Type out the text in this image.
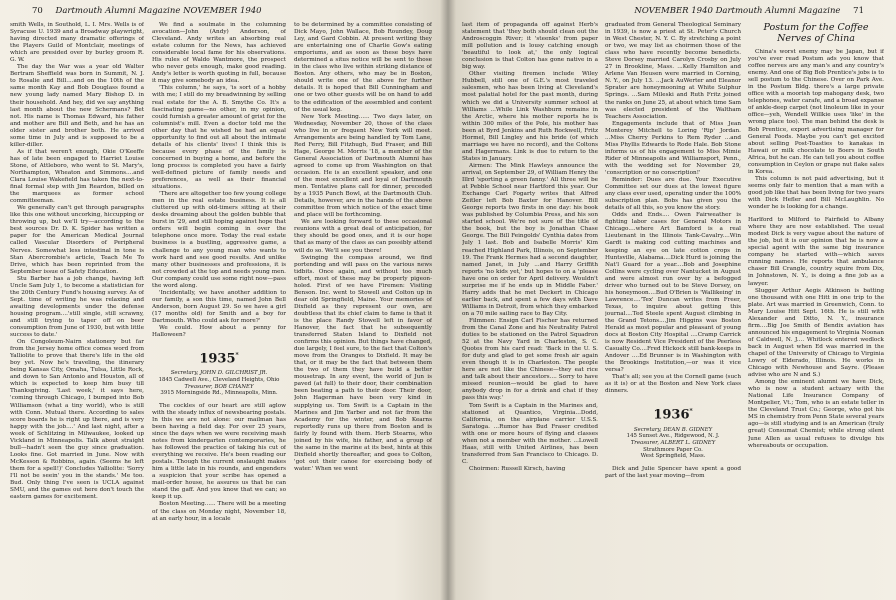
70 Dartmouth Alumni Magazine NOVEMBER 1940

smith Wells, in Southold, L. I. Mrs. Wells is of Syracuse U. 1939 and a Broadway playwright, having directed many dramatic offerings of the Players Guild of Montclair, meetings of which are presided over by burley groom R. G. W.

The day the War was a year old Walter Bertram Sheffield was born in Summit, N. J. to Rosalie and Bill....and on the 10th of the same month Kay and Bob Douglass found a new young lady named Mary Bishop D. in their household. And hey, did we say anything last month about the new Schermans? Bet not. His name is Thomas Edward, his father and mother are Bill and Beth, and he has an older sister and brother both. He arrived some time in July and is supposed to be a killer-diller.

As if that weren't enough, Okie O'Keeffe has of late been engaged to Harriet Louise Stone, of Attleboro, who went to St. Mary's, Northampton, Wheaton and Simmons....and Clara Louise Wakefield has taken the next-to-final formal step with Jim Reardon, billed on the marquees as former school committeeman.

We generally can't get through paragraphs like this one without uncorking, hiccupping or throwing up, but we'll try—according to the best sources Dr. D. K. Spider has written a paper for the American Medical Journal called Vascular Disorders of Peripheral Nerves. Somewhat less intestinal in tone is Stan Abercrombie's article, Teach Me To Drive, which has been reprinted from the September issue of Safety Education.

Stu Barber has a job change, having left Uncle Sam July 1, to become a statistician for the 20th Century Fund's housing survey. As of Sept. time of writing he was relaxing and awaiting developments under the defense housing program....'still single, still scrawny, and still trying to taper off on beer consumption from June of 1930, but with little success to date.'

On Congoleum-Nairn stationery but far from the Jersey home office comes word from Yalliolite to prove that there's life in the old boy yet. Now he's traveling, the itinerary being Kansas City, Omaha, Tulsa, Little Rock, and down to San Antonio and Houston, all of which is expected to keep him busy till Thanksgiving. 'Last week,' it says here, 'coming through Chicago, I bumped into Bob Williamson (what a tiny world), who is still with Conn. Mutual there. According to sales score boards he is right up there, and is very happy with the job....' And last night, after a week of Schlitzing in Milwaukee, looked up Vickland in Minneapolis. Talk about straight bull—hadn't seen the guy since graduation. Looks fine. Got married in June. Now with McKesson & Robbins, again. (Seems he left them for a spell!)' Concludes Yalliolite: 'Sorry I'll not be seein' you in the stands.' Me too. Bud. Only thing I've seen is UCLA against SMU, and the games out here don't touch the eastern games for excitement.

We find a soulmate in the columning avocation—John (Andy) Anderson, of Cleveland. Andy writes an absorbing real estate column for the News, has achieved considerable local fame for his observations. His rules of Waldo Wantmore, the prospect who never gets enough, make good reading. Andy's letter is worth quoting in full, because it may give somebody an idea.

'This column,' he says, 'is sort of a hobby with me; I still do my breadwinning by selling real estate for the A. B. Smythe Co. It's a fascinating game—no other, in my opinion, could furnish a greater amount of grist for the columnist's mill. Even a doctor told me the other day that he wished he had an equal opportunity to find out all about the intimate details of his clients' lives! I think this is because every phase of the family is concerned in buying a home, and before the long process is completed you have a fairly well-defined picture of family needs and preferences, as well as their financial situations.

'There are altogether too few young college men in the real estate business. It is all cluttered up with old-timers sitting at their desks dreaming about the golden bubble that burst in '29, and still hoping against hope that orders will begin coming in over the telephone once more. Today the real estate business is a bustling, aggressive game, a challenge to any young man who wants to work hard and see good results. And unlike many other businesses and professions, it is not crowded at the top and needs young men. Our company could use some right now—pass the word along.

'Incidentally, we have another addition to our family, a son this time, named John Bell Anderson, born August 29. So we have a girl (17 months old) for Smith and a boy for Dartmouth. Who could ask for more?'

We could. How about a penny for Halloween?

1935*

Secretary, JOHN D. GILCHRIST JR.

1845 Cadwell Ave., Cleveland Heights, Ohio

Treasurer, BOB CHANEY

3915 Morningside Rd., Minneapolis, Minn.

The cockles of our heart are still aglow with the steady influx of newsbearing postals. In this we are not alone: our mailman has been having a field day. For over 25 years, since the days when we were receiving mash notes from kindergarten contemporaries, he has followed the practice of taking his cut of everything we receive. He's been reading our postals. Though the current onslaught makes him a little late in his rounds, and engenders a suspicion that your scribe has opened a mail-order house, he assures us that he can stand the gaff. And you know that we can; so keep it up.

Boston Meeting...... There will be a meeting of the class on Monday night, November 18, at an early hour, in a locale

to be determined by a committee consisting of Dick Mayo, John Wallace, Bob Roundey, Doug Ley, and Gard Cobbin. At present writing they are entertaining one of Charlie Gow's eating emporiums, and as soon as these boys have determined a situs notice will be sent to those in the class who live within striking distance of Boston. Any others, who may be in Boston, should write one of the above for further details. It is hoped that Bill Cunningham and one or two other guests will be on hand to add to the edification of the assembled and content of the usual keg.

New York Meeting...... Two days later, on Wednesday, November 20, those of the class who live in or frequent New York will meet. Arrangements are being handled by Tom Lane, Red Ferry, Bill Fitzhugh, Bud Fraser, and Bill Hage, George M. Morris '18, a member of the General Association of Dartmouth Alumni has agreed to come up from Washington on that occasion. He is an excellent speaker, and one of the most excellent and loyal of Dartmouth men. Tentative plans call for dinner, preceded by a 1935 Punch Bowl, at the Dartmouth Club. Details, however, are in the hands of the above committee from which notice of the exact time and place will be forthcoming.

We are looking forward to these occasional reunions with a great deal of anticipation, for they should be good ones, and it is our hope that as many of the class as can possibly attend will do so. We'll see you there!

Swinging the compass around, we find portending and will pass on the various news tidbits. Once again, and without too much effort, most of these may be properly pigeon-holed. First of we have Firemen: Visiting Benson. Inc. went to Stowell and Colton up in dear old Springfield, Maine. Your memories of Dixfield as they represent our own, are doubtless that its chief claim to fame is that it is the place Randy Stowell left in favor of Hanover, the fact that he subsequently transferred Staten Island to Dixfield not confirms this opinion. But things have changed, due largely, I feel sure, to the fact that Colton's move from the Oranges to Dixfield. It may be that, or it may be the fact that between them the two of them they have build a better mousetrap. In any event, the world of Jun is paved (at full) to their door, their combination been beating a path to their door. Their door, John Hagerman have been very kind in supplying us. Tom Swift is a Captain in the Marines and Jim Yarber and not far from the Academy for the winter, and Bob Kearns reportedly runs up there from Boston and is fairly ly found with them. Herb Stearns, who joined by his wife, his father, and a group of the same in the marine at its best, hints at this Dixfield shortly thereafter, and goes to Colton, 'got out their canoe for exercising body of water.' When we went

NOVEMBER 1940 Dartmouth Alumni Magazine 71

last item of propaganda off against Herb's statement that 'they both should clean out the Androscoggin River; it 'steenks' from paper mill pollution and is lousy catching enough 'beautiful to look at,' the only logical conclusion is that Colton has gone native in a big way.

Other visiting firemen include Wiley Hubbell, still one of G.E.'s most traveled salesmen, who has been living at Cleveland's most palatial hotel for the past month, during which we did a University summer school at Williams ...While Link Washburn remains in the Arctic, where his mother reports he is within 300 miles of the Pole, his mother has been at Byrd Jenkins and Ruth Rockwell, Fritz Hormel, Bill Lingley and his bride (of which marriage we have no record), and the Coltons and Hagermans. Link is due to return to the States in January.

Airmen: The Mink Hawleys announce the arrival, on September 29, of William Henry the Illrd 'sporting a green fanny.' All three will be at Pebble School near Hartford this year. Our Exchange Carl Fogarty writes that Alfred Zeitler left Bob Baxter for Hanover. Bill George reports two firsts in one day: his book was published by Columbia Press, and his son started school. We're not sure of the title of the book, but the boy is Jonathan Chase George. The Bill Feingolds' Cynthia dates from July 1 last. Bob and Isabelle Morris' Kim reached Highland Park, Illinois, on September 19. The Frank Hermes had a second daughter, named Janet, in July ...and Harry Griffith reports 'no kids yet,' but hopes to on a 'please have one on order for April delivery. Wouldn't surprise me if he ends up in Middle Faber.' Harry adds that he met Deckert in Chicago earlier back, and spent a few days with Dave Williams in Detroit, from which they embarked on a 70 mile sailing race to Bay City.

Filmmen: Ensign Carl Fischer has returned from the Canal Zone and his Neutrality Patrol duties to be stationed on the Patrol Squadron 52 at the Navy Yard in Charleston, S. C. Quotes from his card read: 'Back in the U. S. for duty and glad to get some fresh air again even though it is in Charleston. The people here are not like the Chinese—they eat rice and talk about their ancestors.... Sorry to have missed reunion—would be glad to have anybody drop in for a drink and chat if they pass this way.'

Tom Swift is a Captain in the Marines and, stationed at Quantico, Virginia...Dodd, California, on the airplane carrier U.S.S. Saratoga. ...Rumor has Bud Fraser credited with one or more hours of flying and classes when not a member with the mother. ...Lowell Haas, still with United Airlines, has been transferred from San Francisco to Chicago. D. C.

Choirmen: Russell Kirsch, having

graduated from General Theological Seminary in 1939, is now a priest at St. Peter's Church in West Chester, N. Y. C. By stretching a point or two, we may list as choirmen those of the class who have recently become benedicts. Steve Dorsey married Carolyn Crosby on July 27 in Brookline, Mass. ...Kelly Hamilton and Arlene Van Heusen were married in Corning, N. Y., on July 13. ...Jack AuWerter and Eleanor Sprater are honeymooning at White Sulphur Springs. ...Sam Mileski and Ruth Fritz joined the ranks on June 25, at about which time Sam was elected president of the Waltham Teachers Association.

Engagements include that of Miss Jean Monterey Mitchell to Loring 'Rip' Jordan. ...Miss Cherry Perkins to Rem Ryder ...and Miss Phyllis Edwards to Rode Hale. Bob Stone informs us of his engagement to Miss Mimie Rider of Minneapolis and Williamsport, Penn., with the wedding set for November 29, 'conscription or no conscription!'

Reminder: Dues are due. Your Executive Committee set our dues at the lowest figure any class ever used, operating under the 100% subscription plan. Bobs has given you the details of all this, so you know the story.

Odds and Ends.... Owen Fairweather is fighting labor cases for General Motors in Chicago....where Art Bamford is a real Lieutenant in the Illinois Tank-Cavalry....Win Gardt is making cod cutting machines and keeping an eye on late cotton crops in Huntsville, Alabama....Dick Hurd is joining the Nat'l Guard for a year....Bob and Josephine Collins were cycling over Nantucket in August and were almost run over by a befogged driver who turned out to be Steve Dorsey, on his honeymoon....Bud O'Brien is 'Wallikeing' in Lawrence....'Tex' Duncan writes from Freer, Texas, to inquire about getting this journal....Ted Steele spent August climbing in the Grand Tetons....Jim Higgins was Boston Herald as most popular and pleasant of young docs at Boston City Hospital ....Cramp Carrick is now Resident Vice President of the Peerless Casualty Co....Fred Hickock still bank-keeps in Andover ....Ed Brunner is in Washington with the Brookings Institution,—or was it vice versa?

That's all; see you at the Cornell game (such as it is) or at the Boston and New York class dinners.

1936*

Secretary, DEAN B. GIDNEY

145 Sunset Ave., Ridgewood, N. J.

Treasurer, ALBERT L. GIDNEY

Strathmore Paper Co.

West Springfield, Mass.

Dick and Julie Spencer have spent a good part of the last year moving—from

Postum for the Coffee Nerves of China

China's worst enemy may be Japan, but if you've ever read Postum ads you know that coffee nerves are any man's and any country's enemy. And one of Big Bob Prentice's jobs is to sell postum to the Chinese. Over on Park Ave. in the Postum Bldg. there's a large private office with a moorish top mahogany desk, two telephones, water carafe, and a broad expanse of ankle-deep carpet (not linoleum like in your office—yeh, Wendell Willkie uses 'like' in the wrong place too). The man behind the desk is Bob Prentice, export advertising manager for General Foods. Maybe you can't get excited about selling Post-Toasties to kanakas in Hawaii or milk chocolate to Boers in South Africa, but he can. He can tell you about coffee consumption in Ceylon or grape nut flake sales in Korea.

This column is not paid advertising, but it seems only fair to mention that a man with a good job like that has been living for two years with Dick Hefler and Bill McLaughlin. No wonder he is looking for a change.

Harlford to Milford to Fairfield to Albany where they are now established. The usual modest Dick is very vague about the nature of the job, but it is our opinion that he is now a special agent with the same big insurance company he started with—which saves running names. He reports that ambulance chaser Bill Crangle, country squire from Dix, in Johnstown, N. Y., is doing a fine job as a lawyer.

Slugger Arthur Aegis Atkinson is batting one thousand with one Hitt in one trip to the plate. Art was married in Greenwich, Conn. to Mary Louise Hitt Sept. 16th. He is still with Alexander and Ditto, N. Y., insurance firm....Big Joe Smith of Bendix aviation has announced his engagement to Virginia Noonan of Caldwell, N. J.... Whitlock entered wedlock back in August when Ed was married in the chapel of the University of Chicago to Virginia Lowry of Elderado, Illinois. He works in Chicago with Newhouse and Sayre. (Please advise who are N and S.)

Among the eminent alumni we have Dick, who is now a student actuary with the National Life Insurance Company of Montpelier, Vt.; Tom, who is an estate teller in the Cleveland Trust Co.; George, who got his MS in chemistry from Penn State several years ago—is still studying and is an American (truly great) Consumat Chemist; while strong silent June Allen as usual refuses to divulge his whereabouts or occupation.
